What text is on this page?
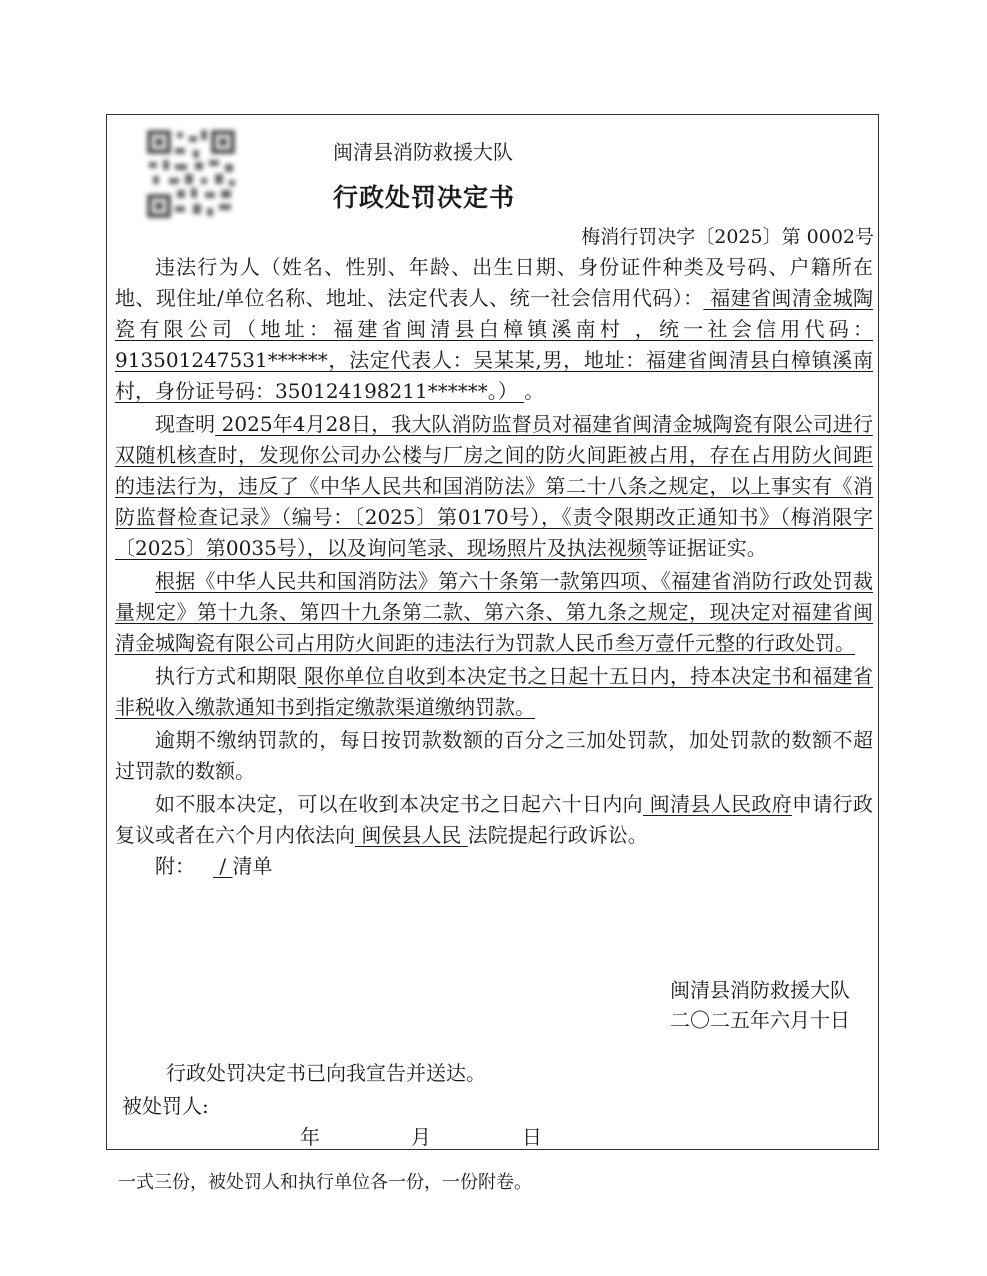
闽清县消防救援大队
行政处罚决定书
梅消行罚决字〔2025〕第 0002号

违法行为人（姓名、性别、年龄、出生日期、身份证件种类及号码、户籍所在地、现住址/单位名称、地址、法定代表人、统一社会信用代码）： 福建省闽清金城陶瓷有限公司（地址：福建省闽清县白樟镇溪南村 ，统一社会信用代码：913501247531******，法定代表人：吴某某,男，地址：福建省闽清县白樟镇溪南村，身份证号码：350124198211******。） 。

现查明 2025年4月28日，我大队消防监督员对福建省闽清金城陶瓷有限公司进行双随机核查时，发现你公司办公楼与厂房之间的防火间距被占用，存在占用防火间距的违法行为，违反了《中华人民共和国消防法》第二十八条之规定，以上事实有《消防监督检查记录》（编号：〔2025〕第0170号），《责令限期改正通知书》（梅消限字〔2025〕第0035号），以及询问笔录、现场照片及执法视频等证据证实。

根据《中华人民共和国消防法》第六十条第一款第四项、《福建省消防行政处罚裁量规定》第十九条、第四十九条第二款、第六条、第九条之规定，现决定对福建省闽清金城陶瓷有限公司占用防火间距的违法行为罚款人民币叁万壹仟元整的行政处罚。

执行方式和期限 限你单位自收到本决定书之日起十五日内，持本决定书和福建省非税收入缴款通知书到指定缴款渠道缴纳罚款。

逾期不缴纳罚款的，每日按罚款数额的百分之三加处罚款，加处罚款的数额不超过罚款的数额。

如不服本决定，可以在收到本决定书之日起六十日内向 闽清县人民政府申请行政复议或者在六个月内依法向 闽侯县人民 法院提起行政诉讼。

附： / 清单

闽清县消防救援大队
二〇二五年六月十日
行政处罚决定书已向我宣告并送达。
被处罚人:
年	月	日
一式三份，被处罚人和执行单位各一份，一份附卷。
